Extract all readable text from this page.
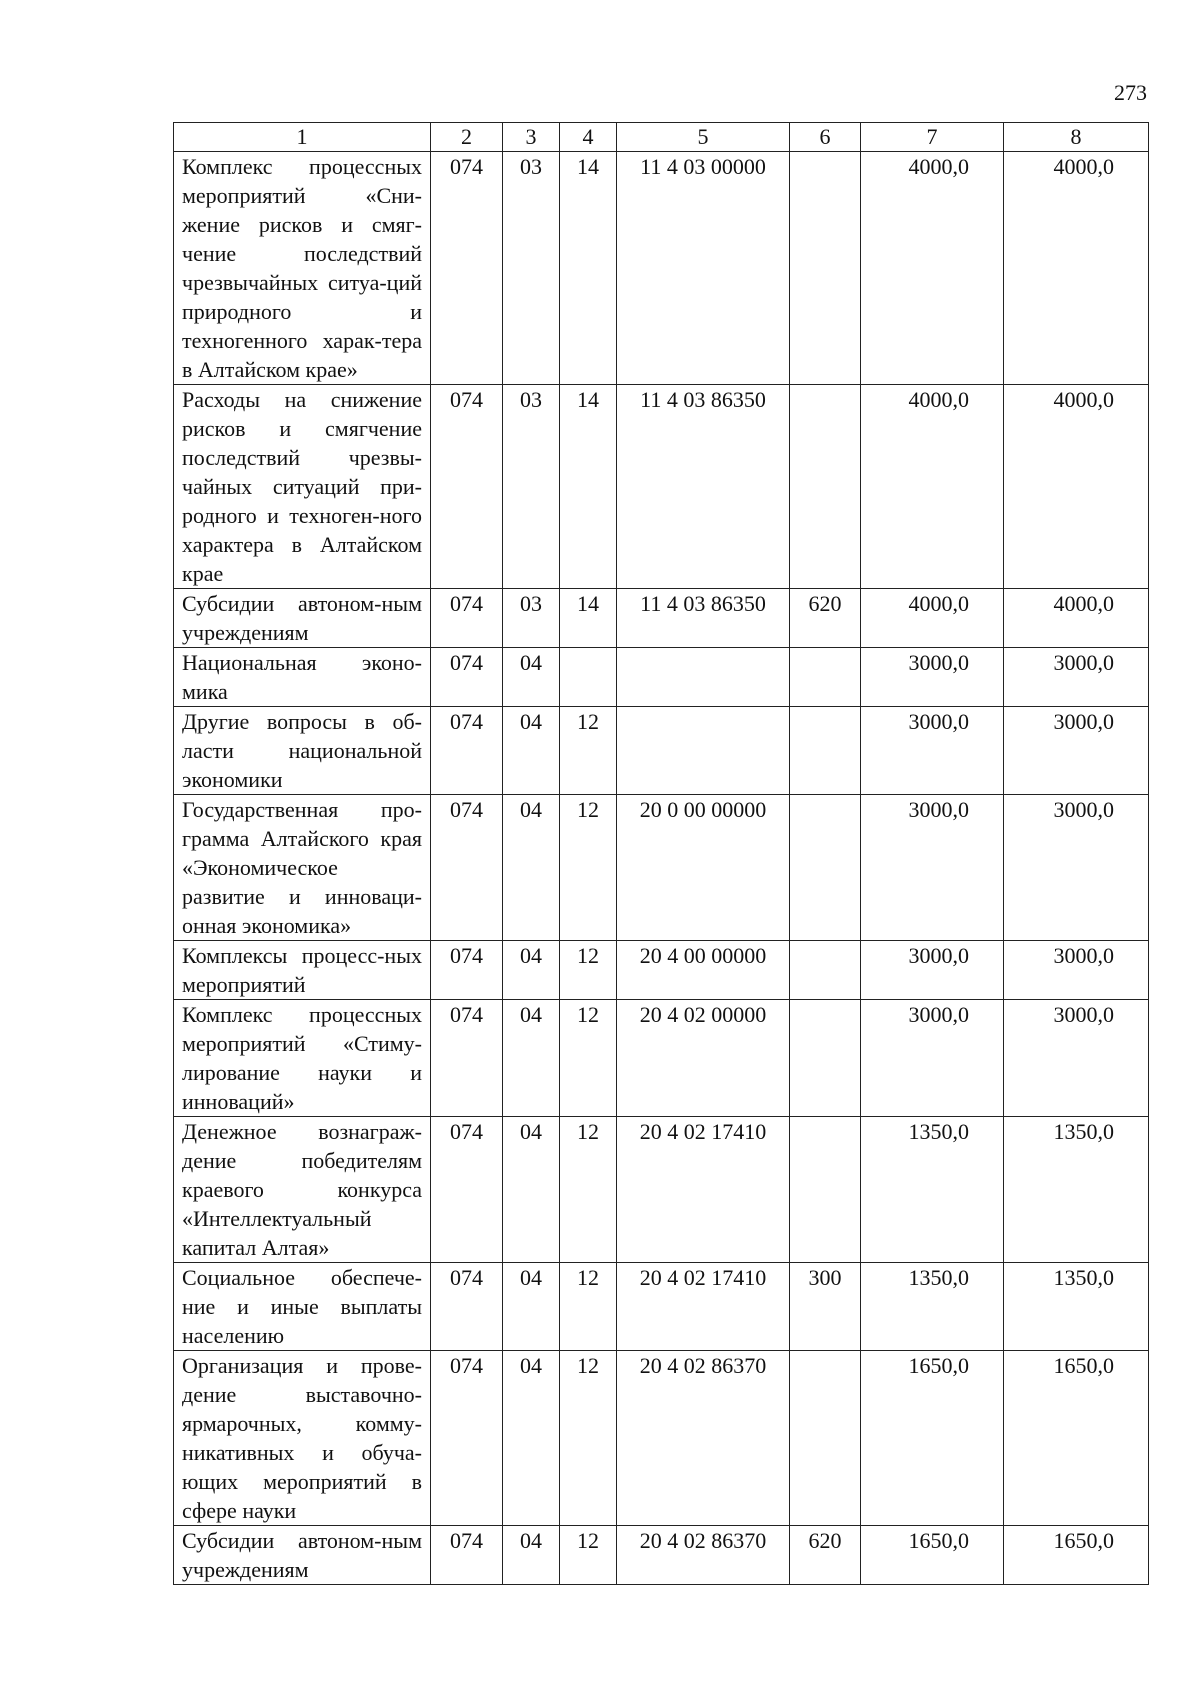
273
1	2	3	4	5	6	7	8
Комплекс процессных мероприятий «Сни-жение рисков и смяг-чение последствий чрезвычайных ситуа-ций природного и техногенного харак-тера в Алтайском крае»	074	03	14	11 4 03 00000		4000,0	4000,0
Расходы на снижение рисков и смягчение последствий чрезвы-чайных ситуаций при-родного и техноген-ного характера в Алтайском крае	074	03	14	11 4 03 86350		4000,0	4000,0
Субсидии автоном-ным учреждениям	074	03	14	11 4 03 86350	620	4000,0	4000,0
Национальная эконо-мика	074	04				3000,0	3000,0
Другие вопросы в об-ласти национальной экономики	074	04	12			3000,0	3000,0
Государственная про-грамма Алтайского края «Экономическое развитие и инноваци-онная экономика»	074	04	12	20 0 00 00000		3000,0	3000,0
Комплексы процесс-ных мероприятий	074	04	12	20 4 00 00000		3000,0	3000,0
Комплекс процессных мероприятий «Стиму-лирование науки и инноваций»	074	04	12	20 4 02 00000		3000,0	3000,0
Денежное вознаграж-дение победителям краевого конкурса «Интеллектуальный капитал Алтая»	074	04	12	20 4 02 17410		1350,0	1350,0
Социальное обеспече-ние и иные выплаты населению	074	04	12	20 4 02 17410	300	1350,0	1350,0
Организация и прове-дение выставочно-ярмарочных, комму-никативных и обуча-ющих мероприятий в сфере науки	074	04	12	20 4 02 86370		1650,0	1650,0
Субсидии автоном-ным учреждениям	074	04	12	20 4 02 86370	620	1650,0	1650,0
